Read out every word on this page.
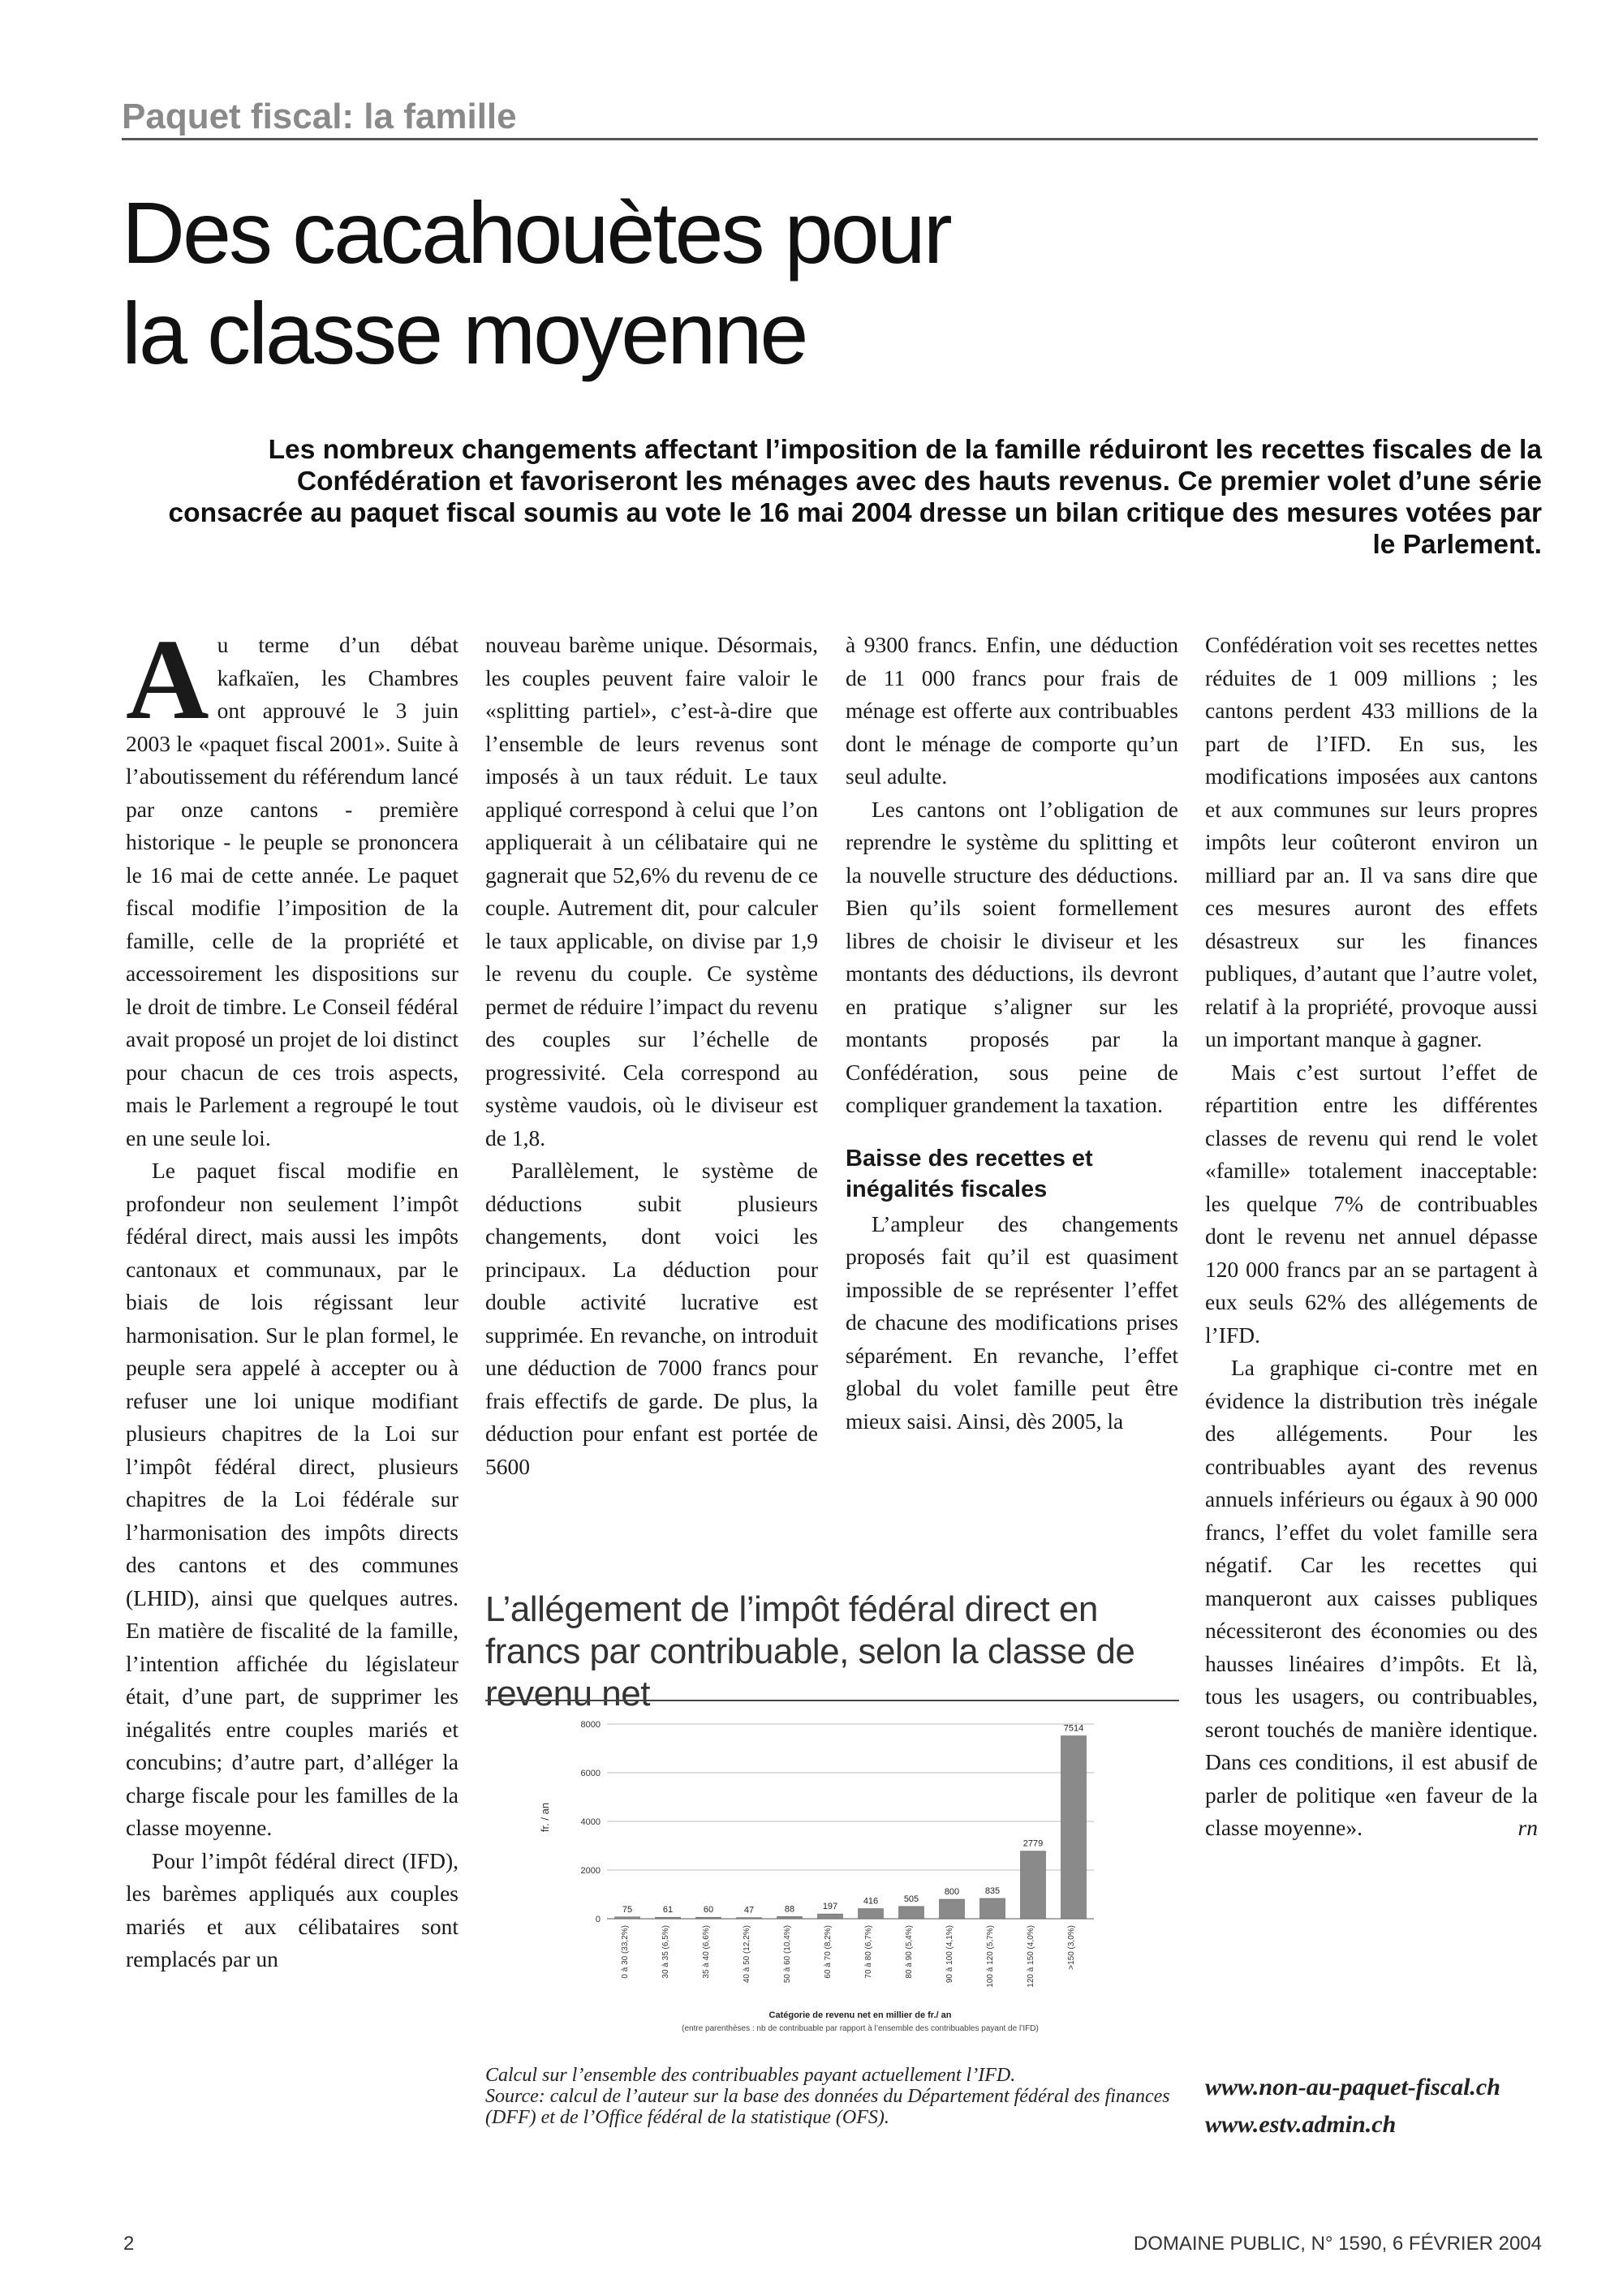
Paquet fiscal: la famille
Des cacahouètes pour
la classe moyenne

Les nombreux changements affectant l’imposition de la famille réduiront les recettes fiscales de la Confédération et favoriseront les ménages avec des hauts revenus. Ce premier volet d’une série consacrée au paquet fiscal soumis au vote le 16 mai 2004 dresse un bilan critique des mesures votées par le Parlement.

Au terme d’un débat kafkaïen, les Chambres ont approuvé le 3 juin 2003 le «paquet fiscal 2001». Suite à l’aboutissement du référendum lancé par onze cantons - première historique - le peuple se prononcera le 16 mai de cette année. Le paquet fiscal modifie l’imposition de la famille, celle de la propriété et accessoirement les dispositions sur le droit de timbre. Le Conseil fédéral avait proposé un projet de loi distinct pour chacun de ces trois aspects, mais le Parlement a regroupé le tout en une seule loi.

Le paquet fiscal modifie en profondeur non seulement l’impôt fédéral direct, mais aussi les impôts cantonaux et communaux, par le biais de lois régissant leur harmonisation. Sur le plan formel, le peuple sera appelé à accepter ou à refuser une loi unique modifiant plusieurs chapitres de la Loi sur l’impôt fédéral direct, plusieurs chapitres de la Loi fédérale sur l’harmonisation des impôts directs des cantons et des communes (LHID), ainsi que quelques autres. En matière de fiscalité de la famille, l’intention affichée du législateur était, d’une part, de supprimer les inégalités entre couples mariés et concubins; d’autre part, d’alléger la charge fiscale pour les familles de la classe moyenne.

Pour l’impôt fédéral direct (IFD), les barèmes appliqués aux couples mariés et aux célibataires sont remplacés par un

nouveau barème unique. Désormais, les couples peuvent faire valoir le «splitting partiel», c’est-à-dire que l’ensemble de leurs revenus sont imposés à un taux réduit. Le taux appliqué correspond à celui que l’on appliquerait à un célibataire qui ne gagnerait que 52,6% du revenu de ce couple. Autrement dit, pour calculer le taux applicable, on divise par 1,9 le revenu du couple. Ce système permet de réduire l’impact du revenu des couples sur l’échelle de progressivité. Cela correspond au système vaudois, où le diviseur est de 1,8.

Parallèlement, le système de déductions subit plusieurs changements, dont voici les principaux. La déduction pour double activité lucrative est supprimée. En revanche, on introduit une déduction de 7000 francs pour frais effectifs de garde. De plus, la déduction pour enfant est portée de 5600

à 9300 francs. Enfin, une déduction de 11 000 francs pour frais de ménage est offerte aux contribuables dont le ménage de comporte qu’un seul adulte.

Les cantons ont l’obligation de reprendre le système du splitting et la nouvelle structure des déductions. Bien qu’ils soient formellement libres de choisir le diviseur et les montants des déductions, ils devront en pratique s’aligner sur les montants proposés par la Confédération, sous peine de compliquer grandement la taxation.

Baisse des recettes et inégalités fiscales

L’ampleur des changements proposés fait qu’il est quasiment impossible de se représenter l’effet de chacune des modifications prises séparément. En revanche, l’effet global du volet famille peut être mieux saisi. Ainsi, dès 2005, la

Confédération voit ses recettes nettes réduites de 1 009 millions ; les cantons perdent 433 millions de la part de l’IFD. En sus, les modifications imposées aux cantons et aux communes sur leurs propres impôts leur coûteront environ un milliard par an. Il va sans dire que ces mesures auront des effets désastreux sur les finances publiques, d’autant que l’autre volet, relatif à la propriété, provoque aussi un important manque à gagner.

Mais c’est surtout l’effet de répartition entre les différentes classes de revenu qui rend le volet «famille» totalement inacceptable: les quelque 7% de contribuables dont le revenu net annuel dépasse 120 000 francs par an se partagent à eux seuls 62% des allégements de l’IFD.

La graphique ci-contre met en évidence la distribution très inégale des allégements. Pour les contribuables ayant des revenus annuels inférieurs ou égaux à 90 000 francs, l’effet du volet famille sera négatif. Car les recettes qui manqueront aux caisses publiques nécessiteront des économies ou des hausses linéaires d’impôts. Et là, tous les usagers, ou contribuables, seront touchés de manière identique. Dans ces conditions, il est abusif de parler de politique «en faveur de la classe moyenne».	rn

www.non-au-paquet-fiscal.ch
www.estv.admin.ch
L’allégement de l’impôt fédéral direct en francs par contribuable, selon la classe de revenu net
0
2000
4000
6000
8000
75
0 à 30 (33,2%)
61
30 à 35 (6,5%)
60
35 à 40 (6,6%)
47
40 à 50 (12,2%)
88
50 à 60 (10,4%)
197
60 à 70 (8,2%)
416
70 à 80 (6,7%)
505
80 à 90 (5,4%)
800
90 à 100 (4,1%)
835
100 à 120 (5,7%)
2779
120 à 150 (4,0%)
7514
>150 (3,0%)
fr. / an
Catégorie de revenu net en millier de fr./ an
(entre parenthèses : nb de contribuable par rapport à l’ensemble des contribuables payant de l’IFD)
Calcul sur l’ensemble des contribuables payant actuellement l’IFD.
Source: calcul de l’auteur sur la base des données du Département fédéral des finances (DFF) et de l’Office fédéral de la statistique (OFS).
2	DOMAINE PUBLIC, N° 1590, 6 FÉVRIER 2004
